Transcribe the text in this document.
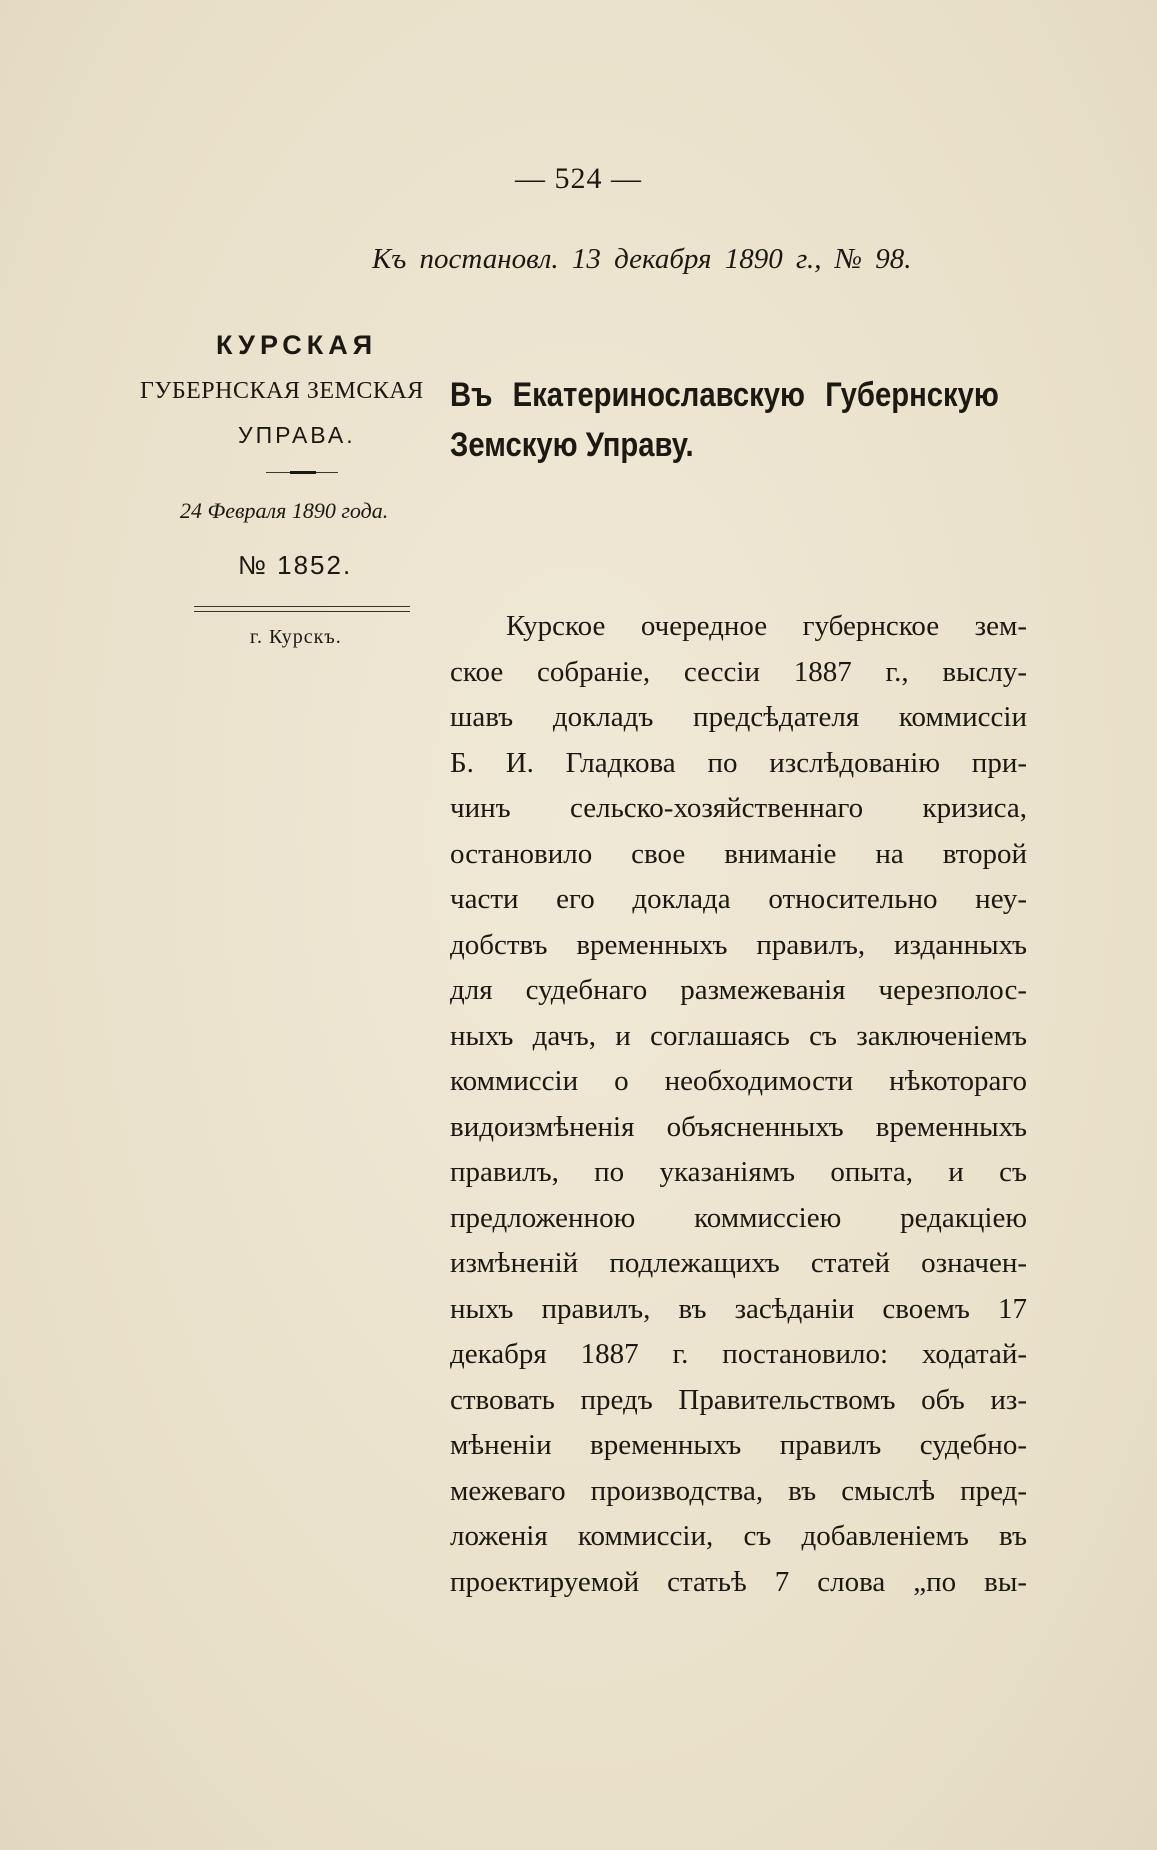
— 524 —
Къ постановл. 13 декабря 1890 г., № 98.
КУРСКАЯ
ГУБЕРНСКАЯ ЗЕМСКАЯ
УПРАВА.
24 Февраля 1890 года.
№ 1852.
г. Курскъ.
Въ Екатеринославскую Губернскую
Земскую Управу.
Курское очередное губернское зем-
ское собраніе, сессіи 1887 г., выслу-
шавъ докладъ предсѣдателя коммиссіи
Б. И. Гладкова по изслѣдованію при-
чинъ сельско-хозяйственнаго кризиса,
остановило свое вниманіе на второй
части его доклада относительно неу-
добствъ временныхъ правилъ, изданныхъ
для судебнаго размежеванія черезполос-
ныхъ дачъ, и соглашаясь съ заключеніемъ
коммиссіи о необходимости нѣкотораго
видоизмѣненія объясненныхъ временныхъ
правилъ, по указаніямъ опыта, и съ
предложенною коммиссіею редакціею
измѣненій подлежащихъ статей означен-
ныхъ правилъ, въ засѣданіи своемъ 17
декабря 1887 г. постановило: ходатай-
ствовать предъ Правительствомъ объ из-
мѣненіи временныхъ правилъ судебно-
межеваго производства, въ смыслѣ пред-
ложенія коммиссіи, съ добавленіемъ въ
проектируемой статьѣ 7 слова „по вы-
